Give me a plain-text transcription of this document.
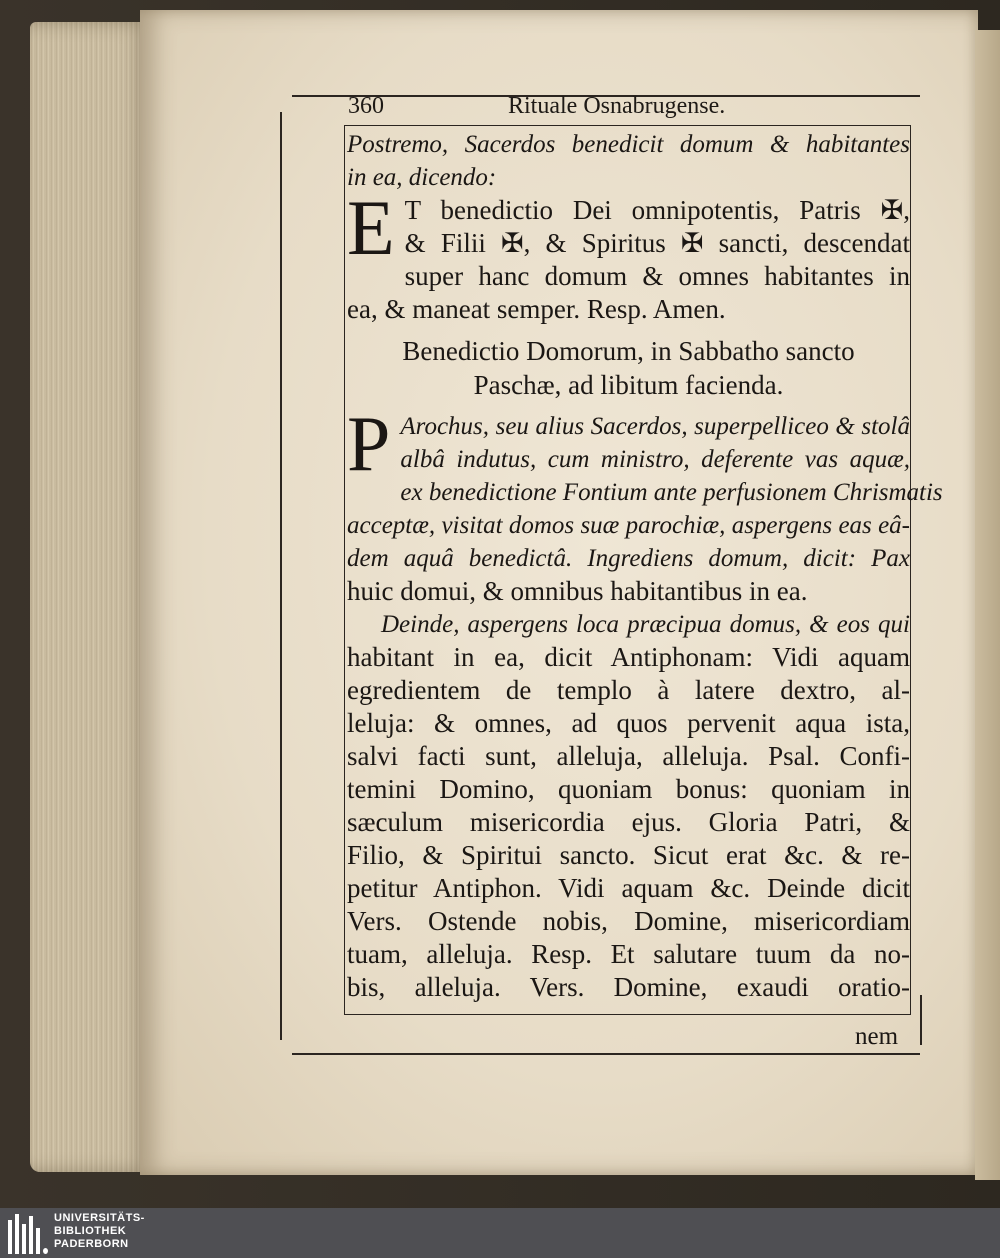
360	Rituale Osnabrugense.
Postremo, Sacerdos benedicit domum & habitantes
in ea, dicendo:
E T benedictio Dei omnipotentis, Patris ✠,
& Filii ✠, & Spiritus ✠ sancti, descendat
super hanc domum & omnes habitantes in
ea, & maneat semper. Resp. Amen.
Benedictio Domorum, in Sabbatho sancto
Paschæ, ad libitum facienda.
P Arochus, seu alius Sacerdos, superpelliceo & stolâ
albâ indutus, cum ministro, deferente vas aquæ,
ex benedictione Fontium ante perfusionem Chrismatis
acceptæ, visitat domos suæ parochiæ, aspergens eas eâ-
dem aquâ benedictâ. Ingrediens domum, dicit: Pax
huic domui, & omnibus habitantibus in ea.
Deinde, aspergens loca præcipua domus, & eos qui
habitant in ea, dicit Antiphonam: Vidi aquam
egredientem de templo à latere dextro, al-
leluja: & omnes, ad quos pervenit aqua ista,
salvi facti sunt, alleluja, alleluja. Psal. Confi-
temini Domino, quoniam bonus: quoniam in
sæculum misericordia ejus. Gloria Patri, &
Filio, & Spiritui sancto. Sicut erat &c. & re-
petitur Antiphon. Vidi aquam &c. Deinde dicit
Vers. Ostende nobis, Domine, misericordiam
tuam, alleluja. Resp. Et salutare tuum da no-
bis, alleluja. Vers. Domine, exaudi oratio-
nem
UNIVERSITÄTS-
BIBLIOTHEK
PADERBORN
